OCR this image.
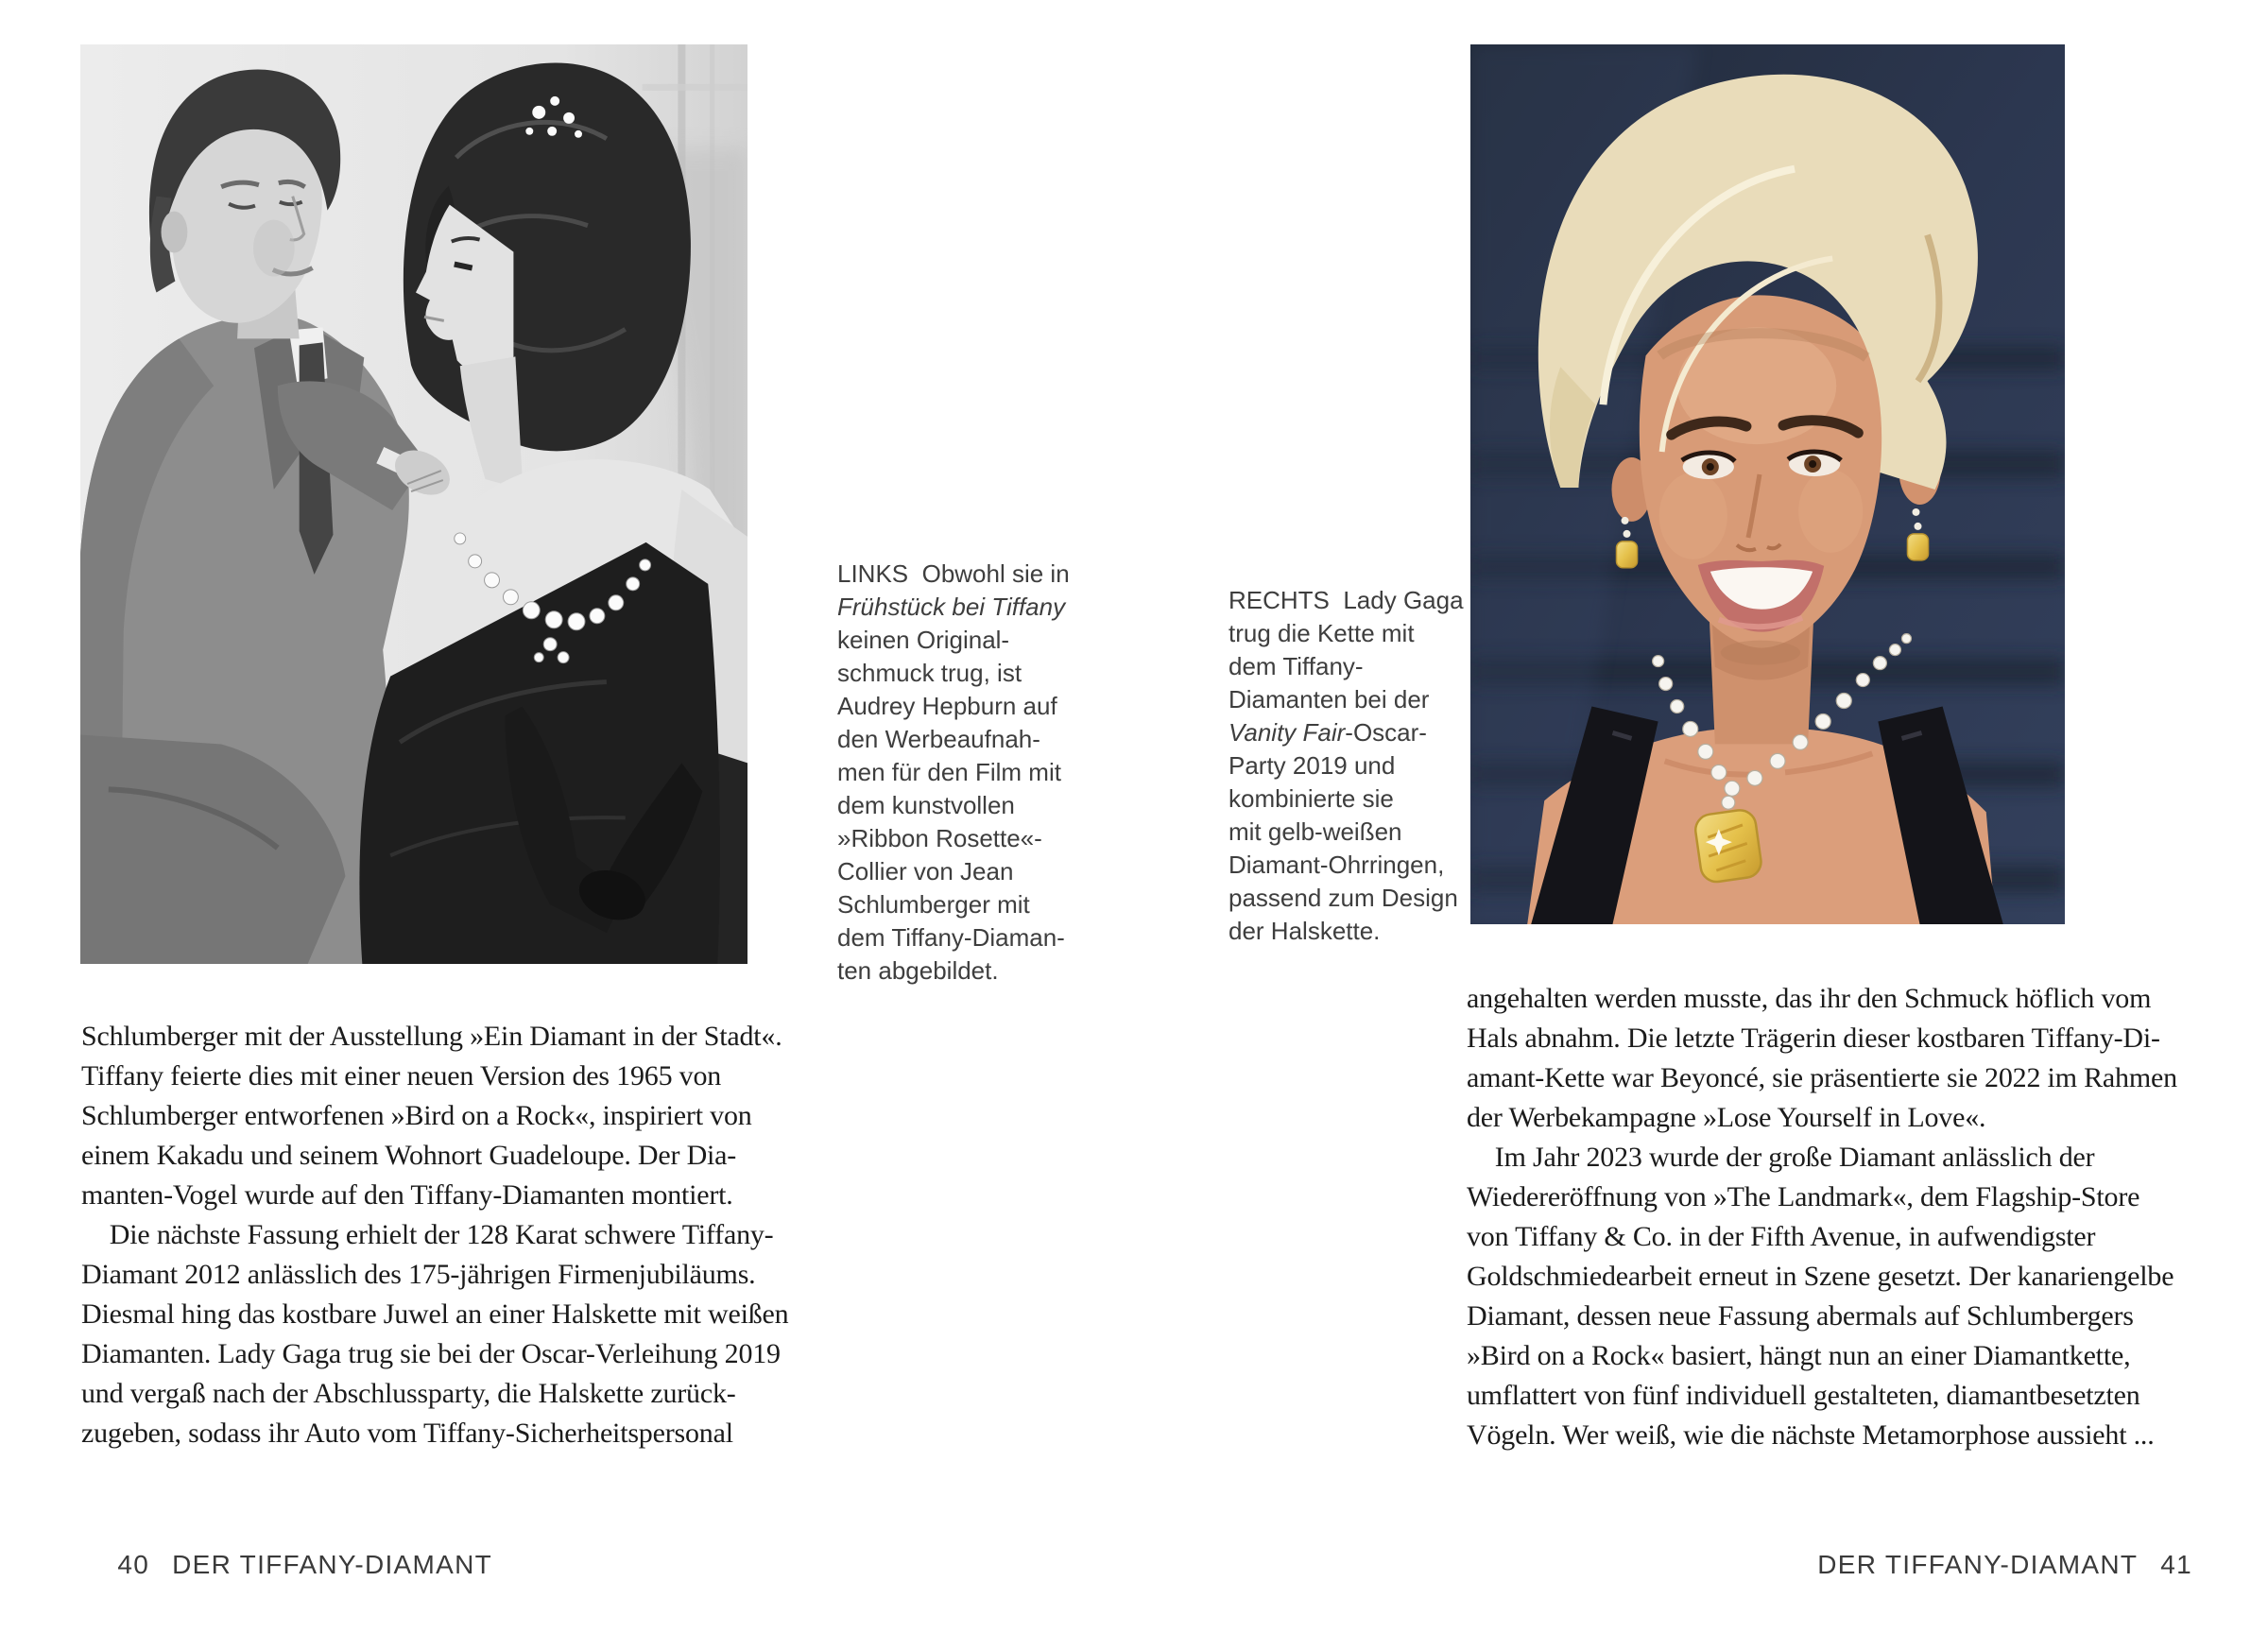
LINKS  Obwohl sie in
Frühstück bei Tiffany
keinen Original-
schmuck trug, ist
Audrey Hepburn auf
den Werbeaufnah-
men für den Film mit
dem kunstvollen
»Ribbon Rosette«-
Collier von Jean
Schlumberger mit
dem Tiffany-Diaman-
ten abgebildet.
RECHTS  Lady Gaga
trug die Kette mit
dem Tiffany-
Diamanten bei der
Vanity Fair-Oscar-
Party 2019 und
kombinierte sie
mit gelb-weißen
Diamant-Ohrringen,
passend zum Design
der Halskette.
Schlumberger mit der Ausstellung »Ein Diamant in der Stadt«.
Tiffany feierte dies mit einer neuen Version des 1965 von
Schlumberger entworfenen »Bird on a Rock«, inspiriert von
einem Kakadu und seinem Wohnort Guadeloupe. Der Dia-
manten-Vogel wurde auf den Tiffany-Diamanten montiert.
 Die nächste Fassung erhielt der 128 Karat schwere Tiffany-
Diamant 2012 anlässlich des 175-jährigen Firmenjubiläums.
Diesmal hing das kostbare Juwel an einer Halskette mit weißen
Diamanten. Lady Gaga trug sie bei der Oscar-Verleihung 2019
und vergaß nach der Abschlussparty, die Halskette zurück-
zugeben, sodass ihr Auto vom Tiffany-Sicherheitspersonal
angehalten werden musste, das ihr den Schmuck höflich vom
Hals abnahm. Die letzte Trägerin dieser kostbaren Tiffany-Di-
amant-Kette war Beyoncé, sie präsentierte sie 2022 im Rahmen
der Werbekampagne »Lose Yourself in Love«.
 Im Jahr 2023 wurde der große Diamant anlässlich der
Wiedereröffnung von »The Landmark«, dem Flagship-Store
von Tiffany & Co. in der Fifth Avenue, in aufwendigster
Goldschmiedearbeit erneut in Szene gesetzt. Der kanariengelbe
Diamant, dessen neue Fassung abermals auf Schlumbergers
»Bird on a Rock« basiert, hängt nun an einer Diamantkette,
umflattert von fünf individuell gestalteten, diamantbesetzten
Vögeln. Wer weiß, wie die nächste Metamorphose aussieht ...

40 DER TIFFANY-DIAMANT
	DER TIFFANY-DIAMANT 41
